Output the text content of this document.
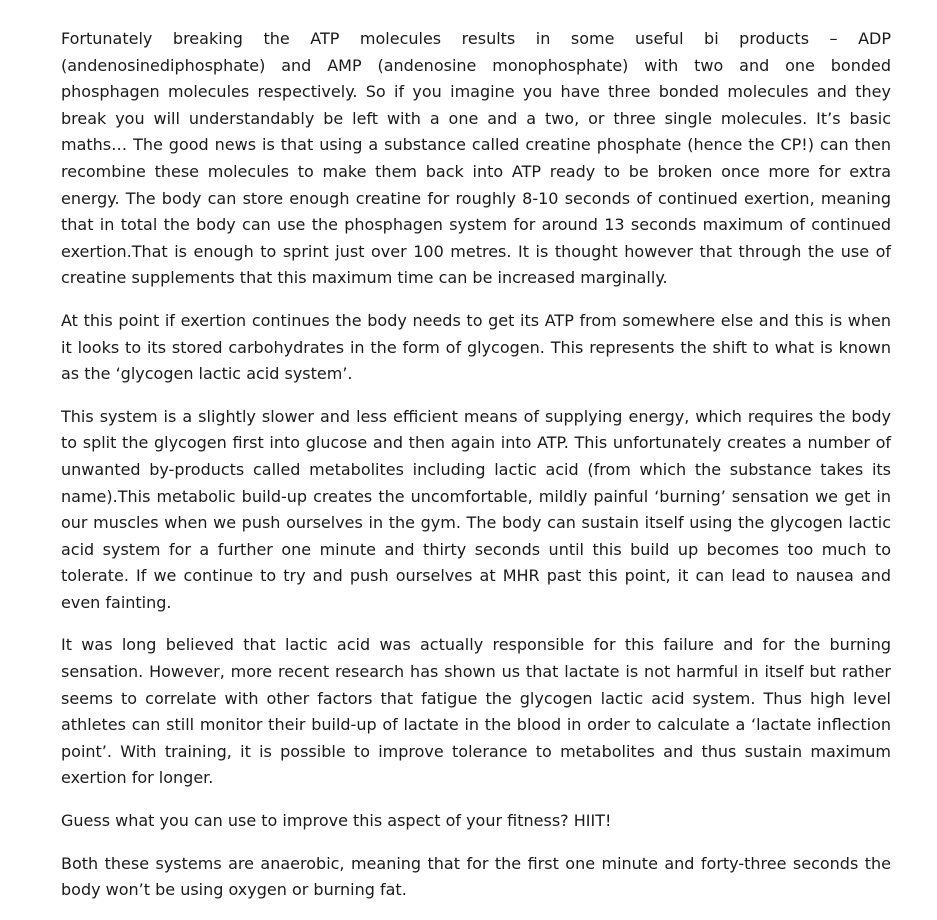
Fortunately breaking the ATP molecules results in some useful bi products – ADP (andenosinediphosphate) and AMP (andenosine monophosphate) with two and one bonded phosphagen molecules respectively. So if you imagine you have three bonded molecules and they break you will understandably be left with a one and a two, or three single molecules. It’s basic maths… The good news is that using a substance called creatine phosphate (hence the CP!) can then recombine these molecules to make them back into ATP ready to be broken once more for extra energy. The body can store enough creatine for roughly 8-10 seconds of continued exertion, meaning that in total the body can use the phosphagen system for around 13 seconds maximum of continued exertion.That is enough to sprint just over 100 metres. It is thought however that through the use of creatine supplements that this maximum time can be increased marginally.

At this point if exertion continues the body needs to get its ATP from somewhere else and this is when it looks to its stored carbohydrates in the form of glycogen. This represents the shift to what is known as the ‘glycogen lactic acid system’.

This system is a slightly slower and less efficient means of supplying energy, which requires the body to split the glycogen first into glucose and then again into ATP. This unfortunately creates a number of unwanted by-products called metabolites including lactic acid (from which the substance takes its name).This metabolic build-up creates the uncomfortable, mildly painful ‘burning’ sensation we get in our muscles when we push ourselves in the gym. The body can sustain itself using the glycogen lactic acid system for a further one minute and thirty seconds until this build up becomes too much to tolerate. If we continue to try and push ourselves at MHR past this point, it can lead to nausea and even fainting.

It was long believed that lactic acid was actually responsible for this failure and for the burning sensation. However, more recent research has shown us that lactate is not harmful in itself but rather seems to correlate with other factors that fatigue the glycogen lactic acid system. Thus high level athletes can still monitor their build-up of lactate in the blood in order to calculate a ‘lactate inflection point’. With training, it is possible to improve tolerance to metabolites and thus sustain maximum exertion for longer.

Guess what you can use to improve this aspect of your fitness? HIIT!

Both these systems are anaerobic, meaning that for the first one minute and forty-three seconds the body won’t be using oxygen or burning fat.
